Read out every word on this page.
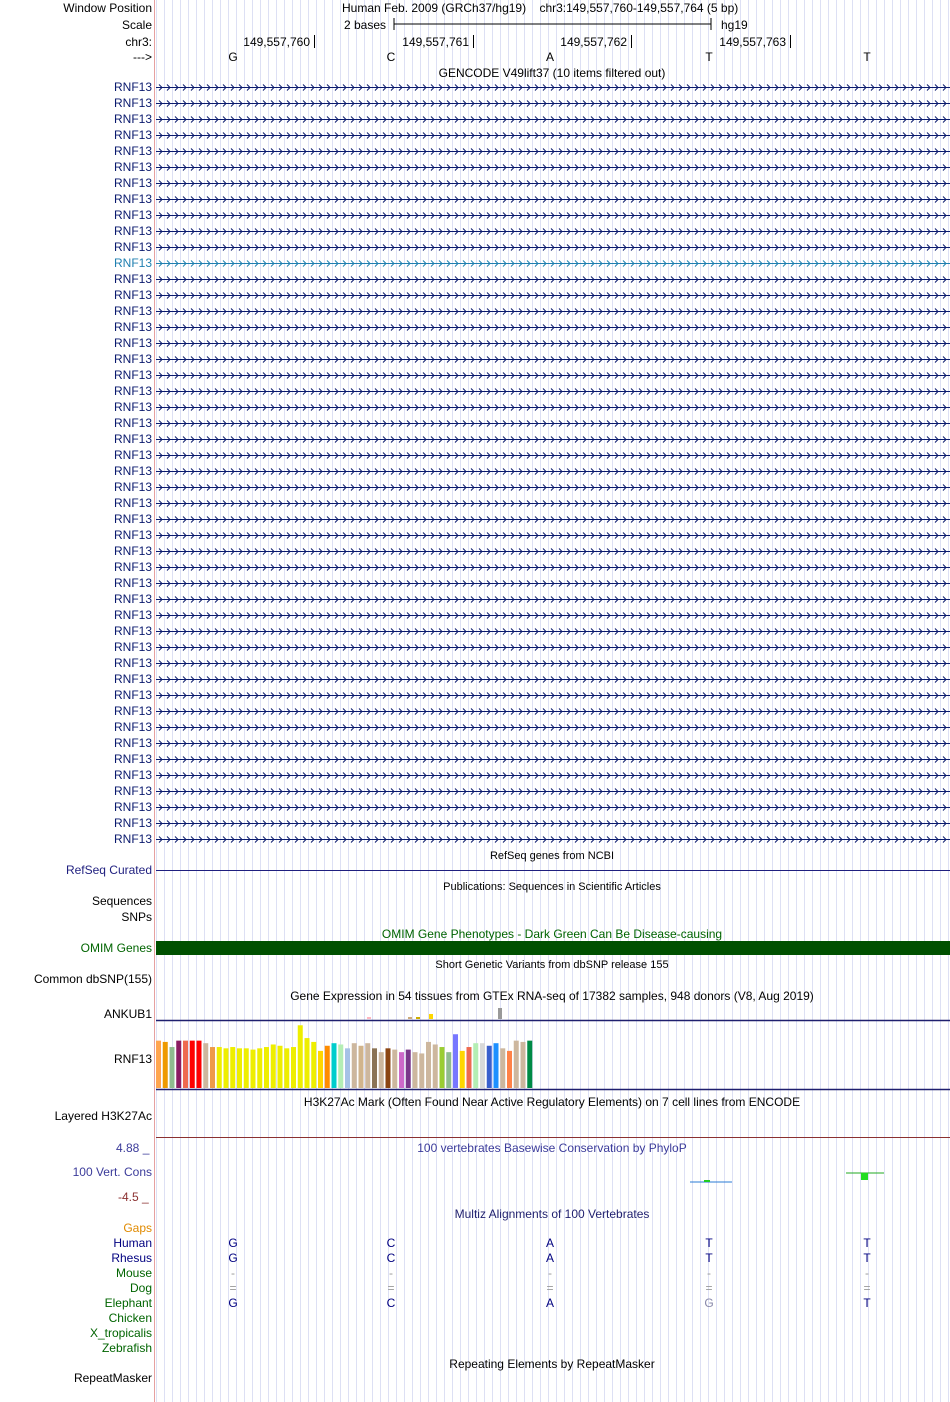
Window Position	Human Feb. 2009 (GRCh37/hg19) chr3:149,557,760-149,557,764 (5 bp)
Scale	2 bases	hg19
chr3:	149,557,760	149,557,761	149,557,762	149,557,763
--->	G	C	A	T	T
GENCODE V49lift37 (10 items filtered out)
RNF13
RNF13
RNF13
RNF13
RNF13
RNF13
RNF13
RNF13
RNF13
RNF13
RNF13
RNF13
RNF13
RNF13
RNF13
RNF13
RNF13
RNF13
RNF13
RNF13
RNF13
RNF13
RNF13
RNF13
RNF13
RNF13
RNF13
RNF13
RNF13
RNF13
RNF13
RNF13
RNF13
RNF13
RNF13
RNF13
RNF13
RNF13
RNF13
RNF13
RNF13
RNF13
RNF13
RNF13
RNF13
RNF13
RNF13
RNF13
RefSeq genes from NCBI
RefSeq Curated
Publications: Sequences in Scientific Articles
Sequences
SNPs
OMIM Gene Phenotypes - Dark Green Can Be Disease-causing
OMIM Genes
Short Genetic Variants from dbSNP release 155
Common dbSNP(155)
Gene Expression in 54 tissues from GTEx RNA-seq of 17382 samples, 948 donors (V8, Aug 2019)
ANKUB1
RNF13
H3K27Ac Mark (Often Found Near Active Regulatory Elements) on 7 cell lines from ENCODE
Layered H3K27Ac
100 vertebrates Basewise Conservation by PhyloP
4.88 _
100 Vert. Cons
-4.5 _
Multiz Alignments of 100 Vertebrates
Gaps
Human	G	C	A	T	T
Rhesus	G	C	A	T	T
Mouse	-	-	-	-	-
Dog	=	=	=	=	=
Elephant	G	C	A	G	T
Chicken
X_tropicalis
Zebrafish
Repeating Elements by RepeatMasker
RepeatMasker
